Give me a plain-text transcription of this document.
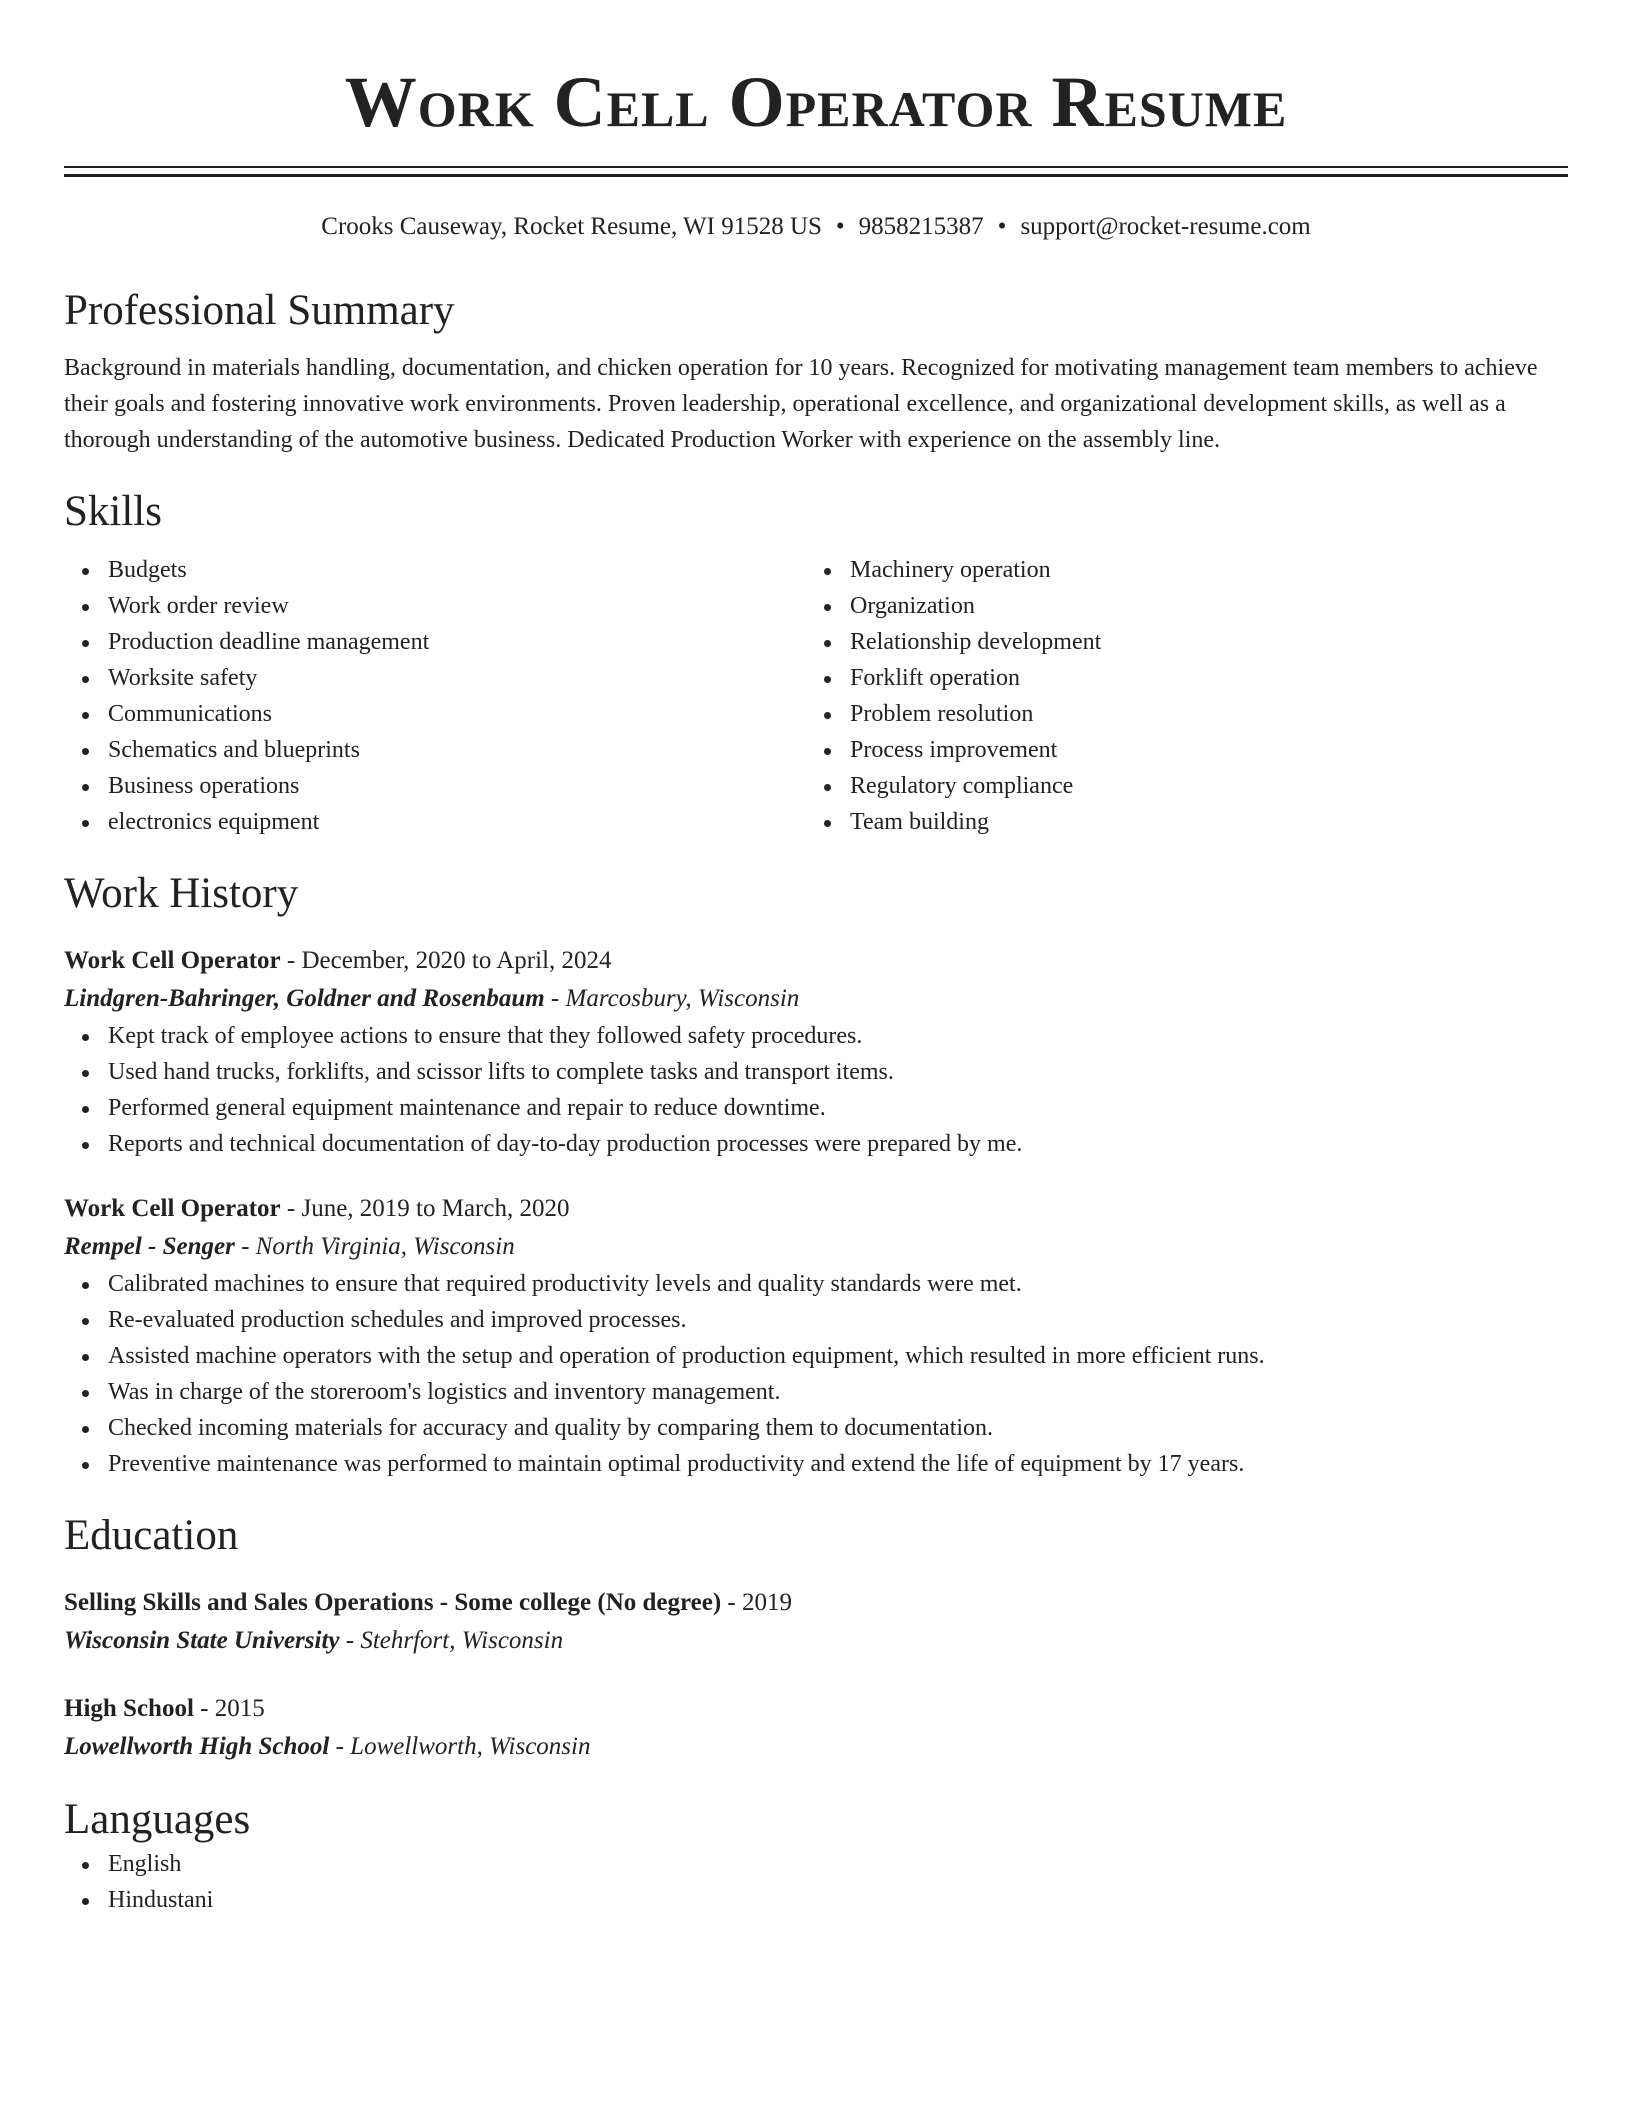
Work Cell Operator Resume
Crooks Causeway, Rocket Resume, WI 91528 US • 9858215387 • support@rocket-resume.com
Professional Summary
Background in materials handling, documentation, and chicken operation for 10 years. Recognized for motivating management team members to achieve their goals and fostering innovative work environments. Proven leadership, operational excellence, and organizational development skills, as well as a thorough understanding of the automotive business. Dedicated Production Worker with experience on the assembly line.
Skills
Budgets
Work order review
Production deadline management
Worksite safety
Communications
Schematics and blueprints
Business operations
electronics equipment
Machinery operation
Organization
Relationship development
Forklift operation
Problem resolution
Process improvement
Regulatory compliance
Team building
Work History
Work Cell Operator - December, 2020 to April, 2024
Lindgren-Bahringer, Goldner and Rosenbaum - Marcosbury, Wisconsin
Kept track of employee actions to ensure that they followed safety procedures.
Used hand trucks, forklifts, and scissor lifts to complete tasks and transport items.
Performed general equipment maintenance and repair to reduce downtime.
Reports and technical documentation of day-to-day production processes were prepared by me.
Work Cell Operator - June, 2019 to March, 2020
Rempel - Senger - North Virginia, Wisconsin
Calibrated machines to ensure that required productivity levels and quality standards were met.
Re-evaluated production schedules and improved processes.
Assisted machine operators with the setup and operation of production equipment, which resulted in more efficient runs.
Was in charge of the storeroom's logistics and inventory management.
Checked incoming materials for accuracy and quality by comparing them to documentation.
Preventive maintenance was performed to maintain optimal productivity and extend the life of equipment by 17 years.
Education
Selling Skills and Sales Operations - Some college (No degree) - 2019
Wisconsin State University - Stehrfort, Wisconsin
High School - 2015
Lowellworth High School - Lowellworth, Wisconsin
Languages
English
Hindustani
